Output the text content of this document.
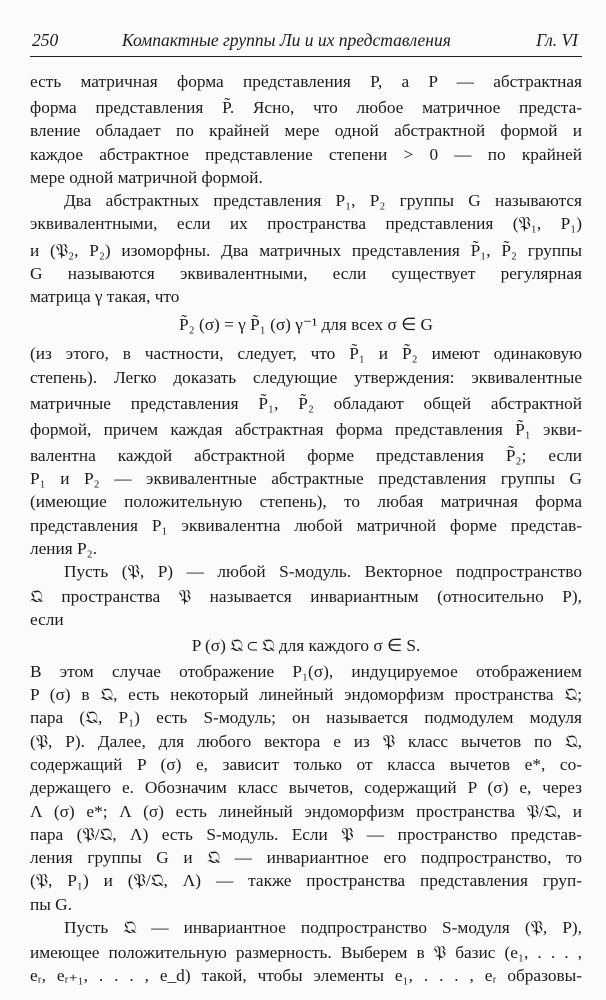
250	Компактные группы Ли и их представления	Гл. VI
есть матричная форма представления P, а P — абстрактная
форма представления P̃. Ясно, что любое матричное предста-
вление обладает по крайней мере одной абстрактной формой и
каждое абстрактное представление степени > 0 — по крайней
мере одной матричной формой.
Два абстрактных представления P₁, P₂ группы G называются
эквивалентными, если их пространства представления (𝔓₁, P₁)
и (𝔓₂, P₂) изоморфны. Два матричных представления P̃₁, P̃₂ группы
G называются эквивалентными, если существует регулярная
матрица γ такая, что
P̃₂ (σ) = γ P̃₁ (σ) γ⁻¹ для всех σ ∈ G
(из этого, в частности, следует, что P̃₁ и P̃₂ имеют одинаковую
степень). Легко доказать следующие утверждения: эквивалентные
матричные представления P̃₁, P̃₂ обладают общей абстрактной
формой, причем каждая абстрактная форма представления P̃₁ экви-
валентна каждой абстрактной форме представления P̃₂; если
P₁ и P₂ — эквивалентные абстрактные представления группы G
(имеющие положительную степень), то любая матричная форма
представления P₁ эквивалентна любой матричной форме представ-
ления P₂.
Пусть (𝔓, P) — любой S-модуль. Векторное подпространство
𝔔 пространства 𝔓 называется инвариантным (относительно P),
если
P (σ) 𝔔 ⊂ 𝔔 для каждого σ ∈ S.
В этом случае отображение P₁(σ), индуцируемое отображением
P (σ) в 𝔔, есть некоторый линейный эндоморфизм пространства 𝔔;
пара (𝔔, P₁) есть S-модуль; он называется подмодулем модуля
(𝔓, P). Далее, для любого вектора e из 𝔓 класс вычетов по 𝔔,
содержащий P (σ) e, зависит только от класса вычетов e*, со-
держащего e. Обозначим класс вычетов, содержащий P (σ) e, через
Λ (σ) e*; Λ (σ) есть линейный эндоморфизм пространства 𝔓/𝔔, и
пара (𝔓/𝔔, Λ) есть S-модуль. Если 𝔓 — пространство представ-
ления группы G и 𝔔 — инвариантное его подпространство, то
(𝔓, P₁) и (𝔓/𝔔, Λ) — также пространства представления груп-
пы G.
Пусть 𝔔 — инвариантное подпространство S-модуля (𝔓, P),
имеющее положительную размерность. Выберем в 𝔓 базис (e₁, . . . ,
eᵣ, eᵣ₊₁, . . . , e_d) такой, чтобы элементы e₁, . . . , eᵣ образовы-
